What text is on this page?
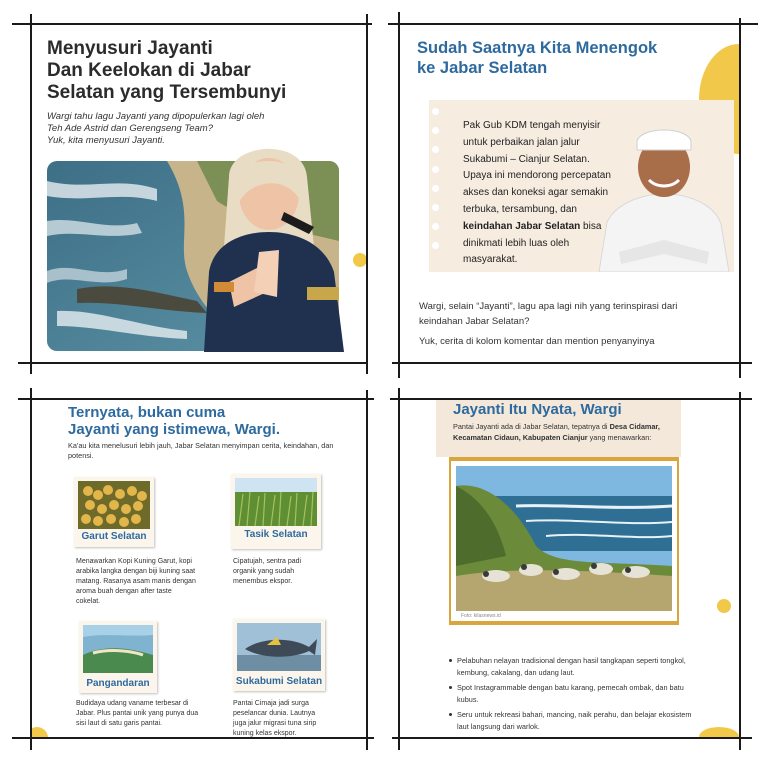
Menyusuri Jayanti
Dan Keelokan di Jabar
Selatan yang Tersembunyi
Wargi tahu lagu Jayanti yang dipopulerkan lagi oleh
Teh Ade Astrid dan Gerengseng Team?
Yuk, kita menyusuri Jayanti.
Sudah Saatnya Kita Menengok
ke Jabar Selatan
Pak Gub KDM tengah menyisir untuk perbaikan jalan jalur Sukabumi – Cianjur Selatan. Upaya ini mendorong percepatan akses dan koneksi agar semakin terbuka, tersambung, dan keindahan Jabar Selatan bisa dinikmati lebih luas oleh masyarakat.
Wargi, selain “Jayanti”, lagu apa lagi nih yang terinspirasi dari keindahan Jabar Selatan?
Yuk, cerita di kolom komentar dan mention penyanyinya
Ternyata, bukan cuma
Jayanti yang istimewa, Wargi.
Ka'au kita menelusuri lebih jauh, Jabar Selatan menyimpan cerita, keindahan, dan potensi.
Garut Selatan
Menawarkan Kopi Kuning Garut, kopi arabika langka dengan biji kuning saat matang. Rasanya asam manis dengan aroma buah dengan after taste cokelat.
Tasik Selatan
Cipatujah, sentra padi organik yang sudah menembus ekspor.
Pangandaran
Budidaya udang vaname terbesar di Jabar. Plus pantai unik yang punya dua sisi laut di satu garis pantai.
Sukabumi Selatan
Pantai Cimaja jadi surga peselancar dunia. Lautnya juga jalur migrasi tuna sirip kuning kelas ekspor.
Jayanti Itu Nyata, Wargi
Pantai Jayanti ada di Jabar Selatan, tepatnya di Desa Cidamar, Kecamatan Cidaun, Kabupaten Cianjur yang menawarkan:
Foto: kilasnews.id
Pelabuhan nelayan tradisional dengan hasil tangkapan seperti tongkol, kembung, cakalang, dan udang laut.
Spot Instagrammable dengan batu karang, pemecah ombak, dan batu kubus.
Seru untuk rekreasi bahari, mancing, naik perahu, dan belajar ekosistem laut langsung dari warlok.
